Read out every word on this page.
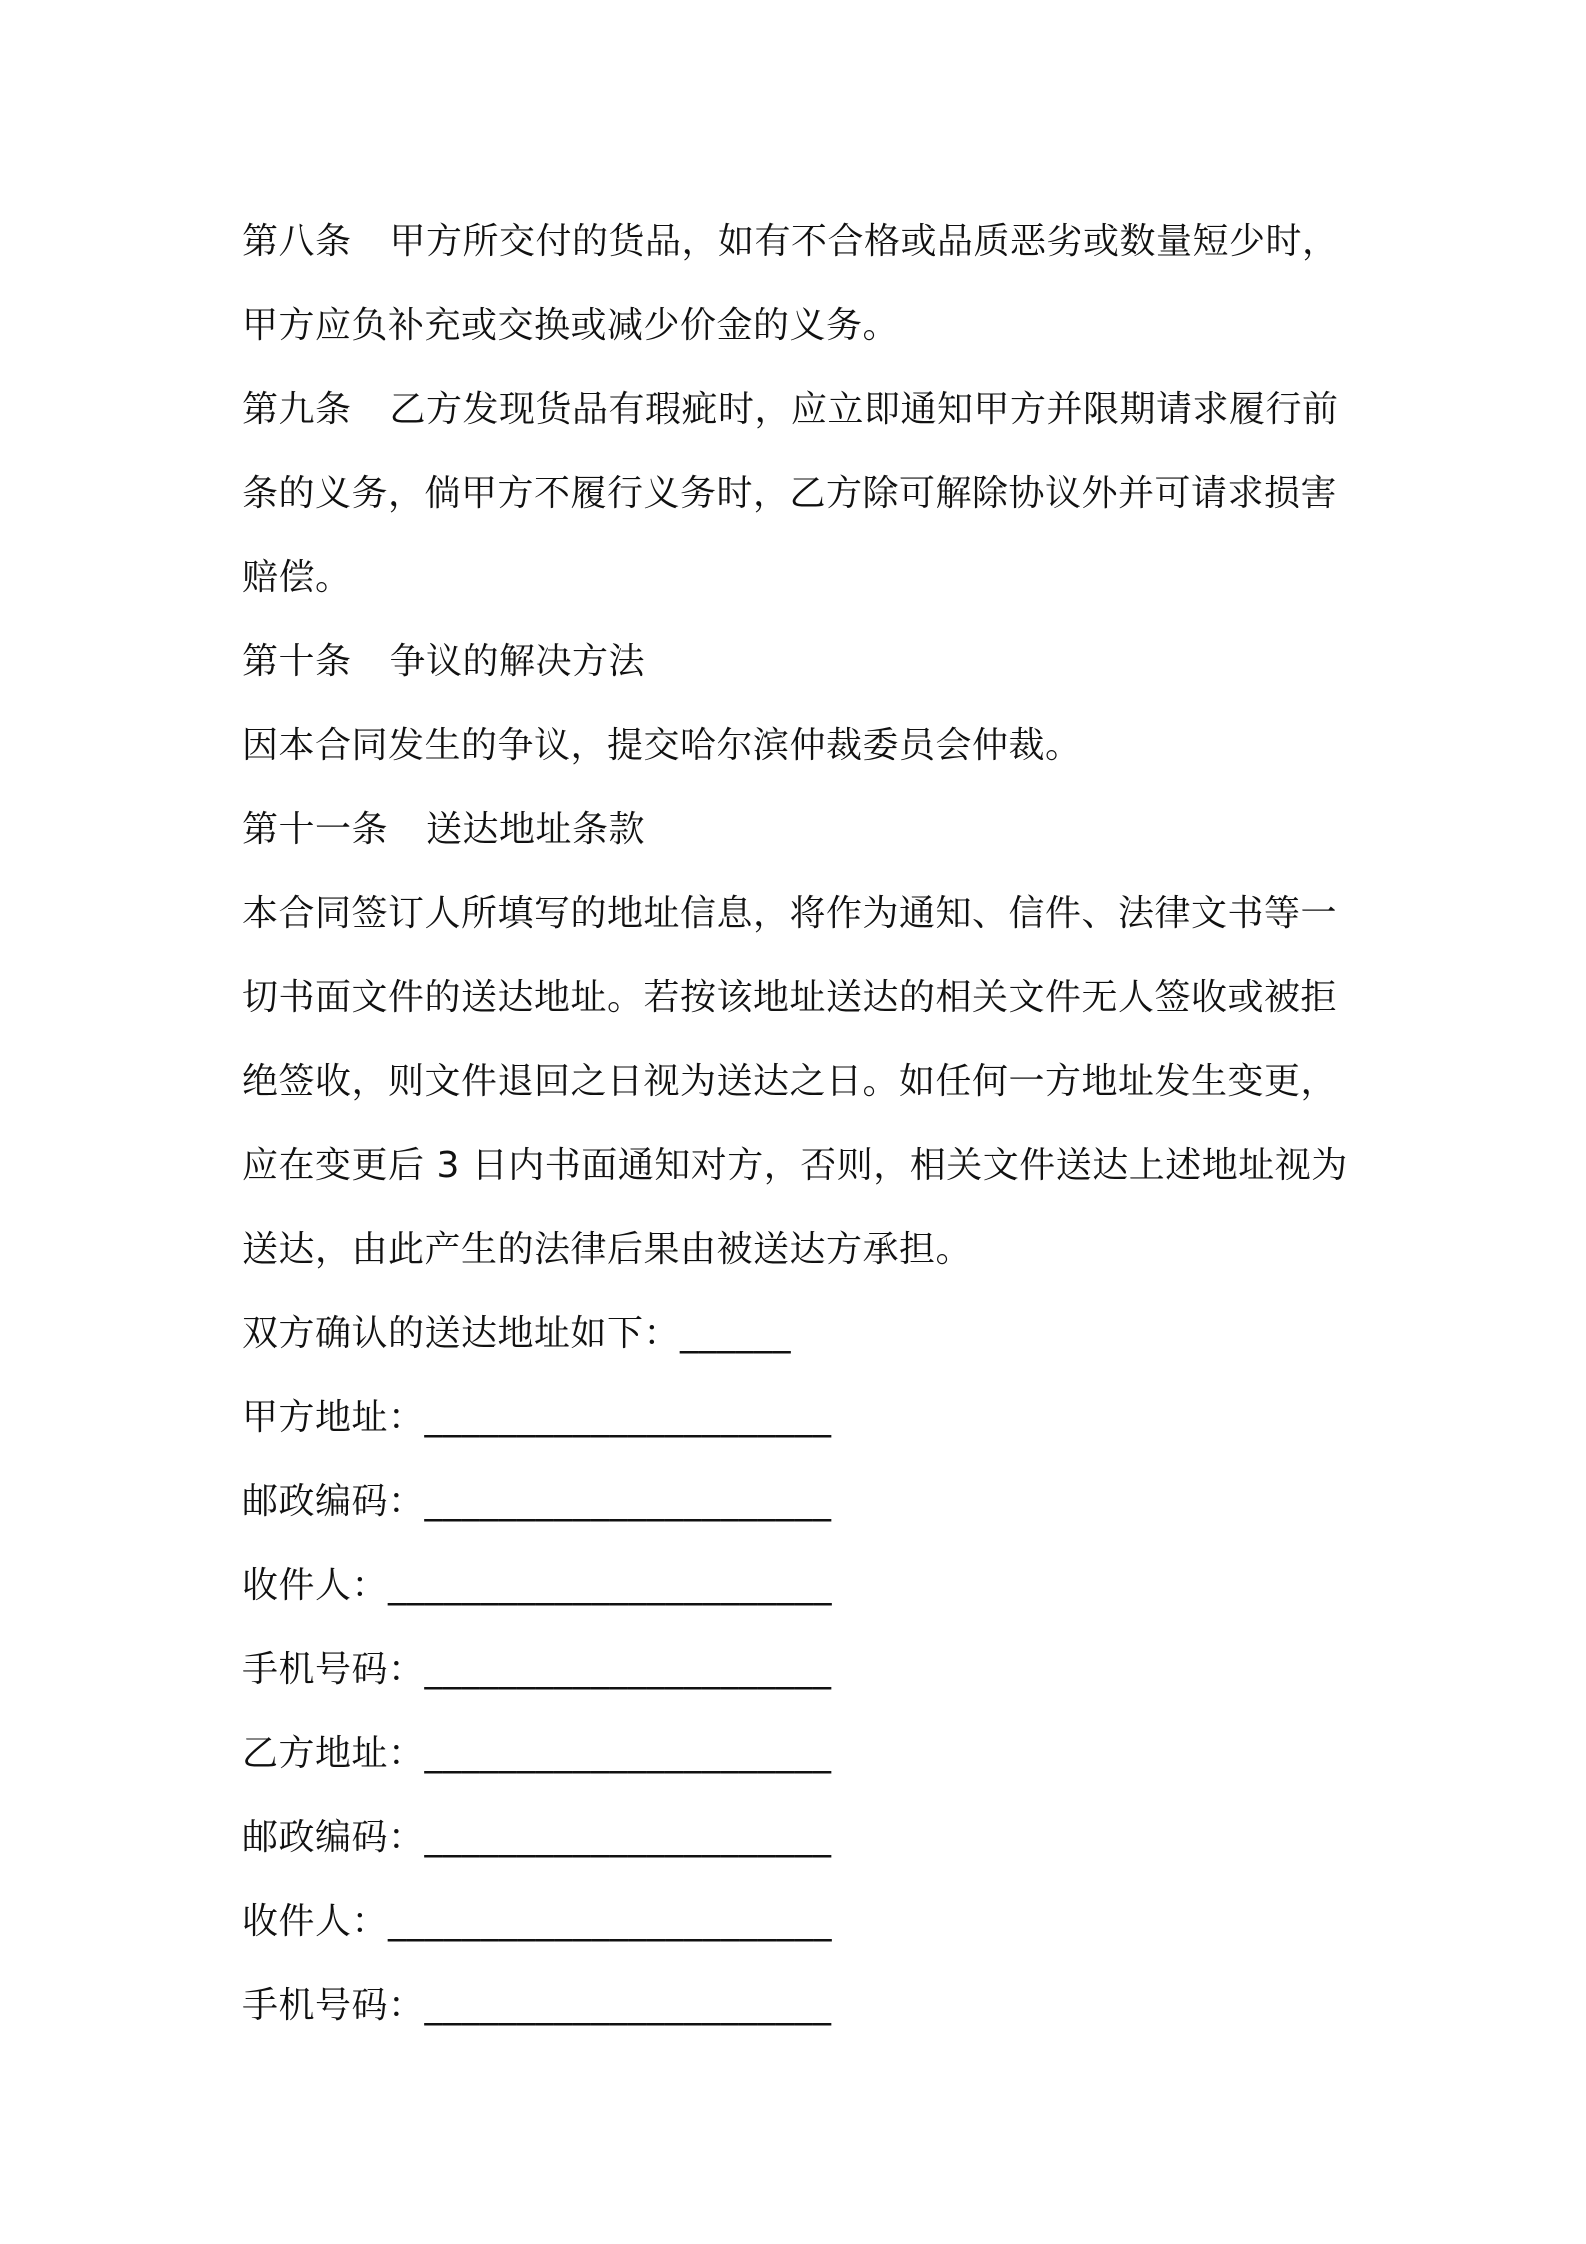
第八条 甲方所交付的货品，如有不合格或品质恶劣或数量短少时，
甲方应负补充或交换或减少价金的义务。
第九条 乙方发现货品有瑕疵时，应立即通知甲方并限期请求履行前
条的义务，倘甲方不履行义务时，乙方除可解除协议外并可请求损害
赔偿。
第十条 争议的解决方法
因本合同发生的争议，提交哈尔滨仲裁委员会仲裁。
第十一条 送达地址条款
本合同签订人所填写的地址信息，将作为通知、信件、法律文书等一
切书面文件的送达地址。若按该地址送达的相关文件无人签收或被拒
绝签收，则文件退回之日视为送达之日。如任何一方地址发生变更，
应在变更后 3 日内书面通知对方，否则，相关文件送达上述地址视为
送达，由此产生的法律后果由被送达方承担。
双方确认的送达地址如下：______
甲方地址：______________________
邮政编码：______________________
收件人：________________________
手机号码：______________________
乙方地址：______________________
邮政编码：______________________
收件人：________________________
手机号码：______________________
